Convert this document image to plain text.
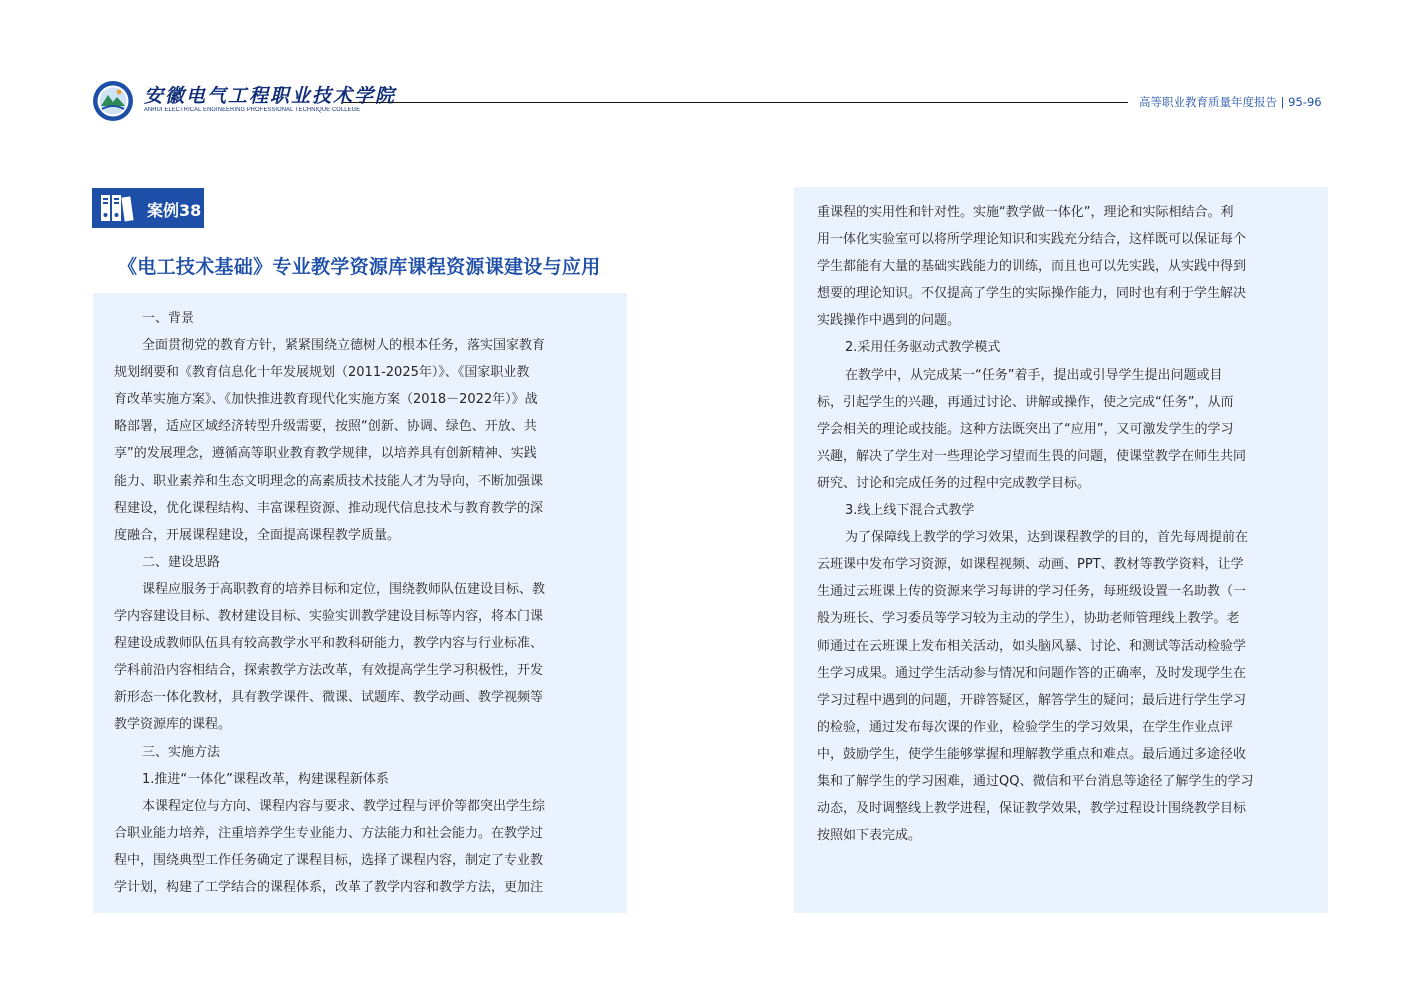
安徽电气工程职业技术学院
ANHUI ELECTRICAL ENGINEERING PROFESSIONAL TECHNIQUE COLLEGE
高等职业教育质量年度报告 | 95-96
案例38
《电工技术基础》专业教学资源库课程资源课建设与应用
一、背景
全面贯彻党的教育方针，紧紧围绕立德树人的根本任务，落实国家教育
规划纲要和《教育信息化十年发展规划（2011-2025年）》、《国家职业教
育改革实施方案》、《加快推进教育现代化实施方案（2018－2022年）》战
略部署，适应区域经济转型升级需要，按照“创新、协调、绿色、开放、共
享”的发展理念，遵循高等职业教育教学规律，以培养具有创新精神、实践
能力、职业素养和生态文明理念的高素质技术技能人才为导向，不断加强课
程建设，优化课程结构、丰富课程资源、推动现代信息技术与教育教学的深
度融合，开展课程建设，全面提高课程教学质量。
二、建设思路
课程应服务于高职教育的培养目标和定位，围绕教师队伍建设目标、教
学内容建设目标、教材建设目标、实验实训教学建设目标等内容，将本门课
程建设成教师队伍具有较高教学水平和教科研能力，教学内容与行业标准、
学科前沿内容相结合，探索教学方法改革，有效提高学生学习积极性，开发
新形态一体化教材，具有教学课件、微课、试题库、教学动画、教学视频等
教学资源库的课程。
三、实施方法
1.推进“一体化”课程改革，构建课程新体系
本课程定位与方向、课程内容与要求、教学过程与评价等都突出学生综
合职业能力培养，注重培养学生专业能力、方法能力和社会能力。在教学过
程中，围绕典型工作任务确定了课程目标，选择了课程内容，制定了专业教
学计划，构建了工学结合的课程体系，改革了教学内容和教学方法，更加注
重课程的实用性和针对性。实施“教学做一体化”，理论和实际相结合。利
用一体化实验室可以将所学理论知识和实践充分结合，这样既可以保证每个
学生都能有大量的基础实践能力的训练，而且也可以先实践，从实践中得到
想要的理论知识。不仅提高了学生的实际操作能力，同时也有利于学生解决
实践操作中遇到的问题。
2.采用任务驱动式教学模式
在教学中，从完成某一“任务”着手，提出或引导学生提出问题或目
标，引起学生的兴趣，再通过讨论、讲解或操作，使之完成“任务”，从而
学会相关的理论或技能。这种方法既突出了“应用”，又可激发学生的学习
兴趣，解决了学生对一些理论学习望而生畏的问题，使课堂教学在师生共同
研究、讨论和完成任务的过程中完成教学目标。
3.线上线下混合式教学
为了保障线上教学的学习效果，达到课程教学的目的，首先每周提前在
云班课中发布学习资源，如课程视频、动画、PPT、教材等教学资料，让学
生通过云班课上传的资源来学习每讲的学习任务，每班级设置一名助教（一
般为班长、学习委员等学习较为主动的学生），协助老师管理线上教学。老
师通过在云班课上发布相关活动，如头脑风暴、讨论、和测试等活动检验学
生学习成果。通过学生活动参与情况和问题作答的正确率，及时发现学生在
学习过程中遇到的问题，开辟答疑区，解答学生的疑问；最后进行学生学习
的检验，通过发布每次课的作业，检验学生的学习效果，在学生作业点评
中，鼓励学生，使学生能够掌握和理解教学重点和难点。最后通过多途径收
集和了解学生的学习困难，通过QQ、微信和平台消息等途径了解学生的学习
动态，及时调整线上教学进程，保证教学效果，教学过程设计围绕教学目标
按照如下表完成。
